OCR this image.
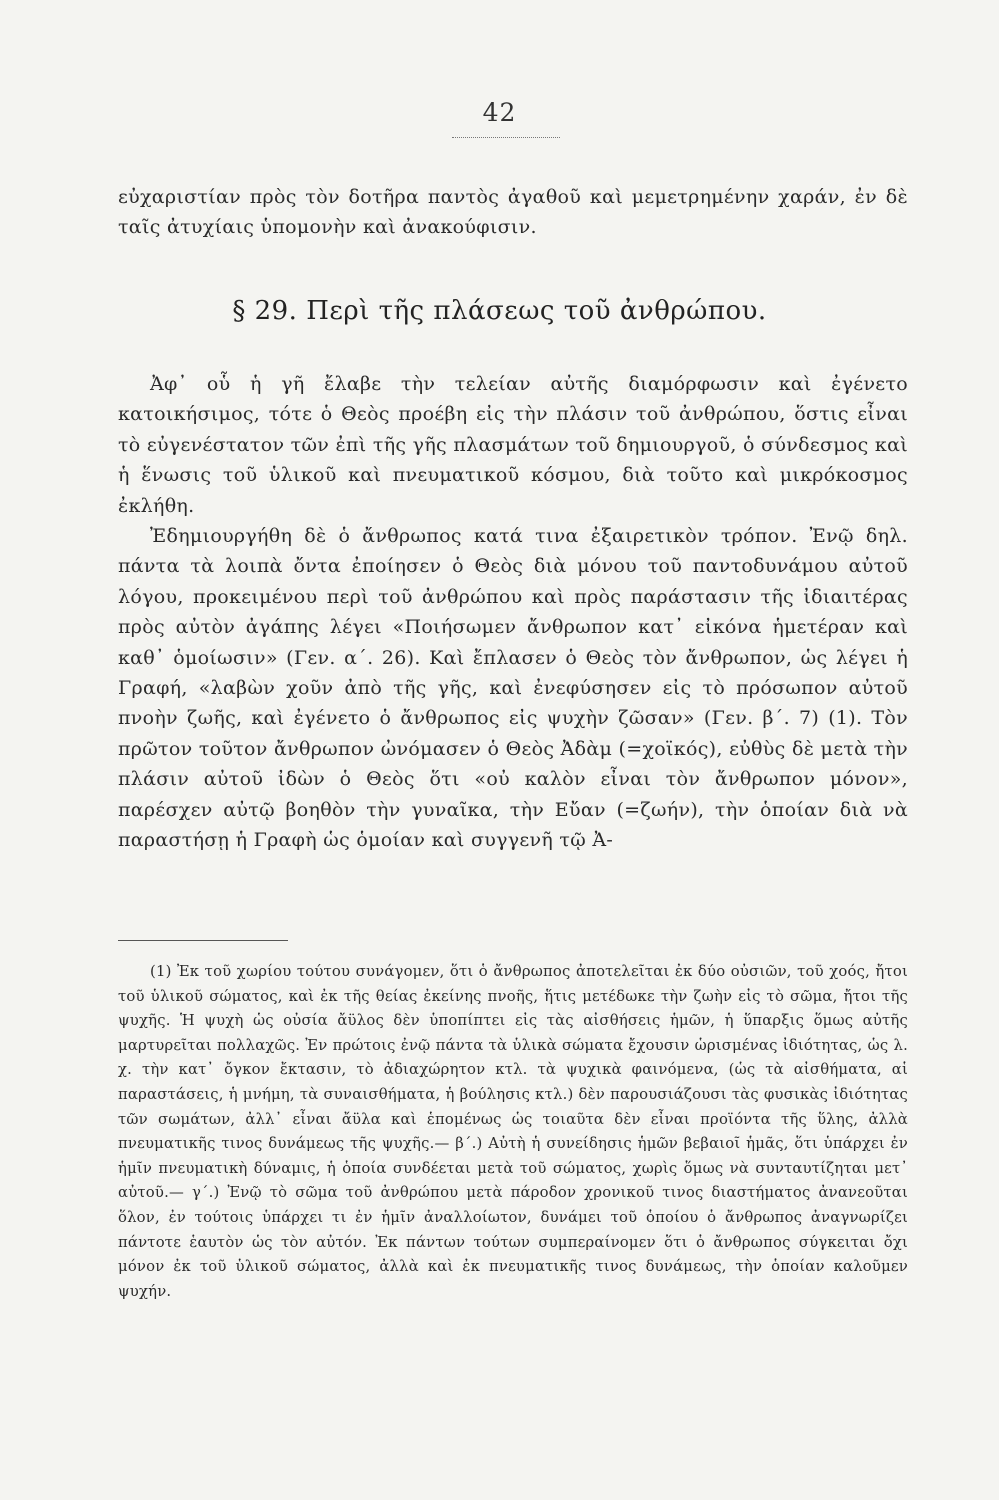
42

εὐχαριστίαν πρὸς τὸν δοτῆρα παντὸς ἀγαθοῦ καὶ μεμετρημένην χαράν, ἐν δὲ ταῖς ἀτυχίαις ὑπομονὴν καὶ ἀνακούφισιν.

§ 29. Περὶ τῆς πλάσεως τοῦ ἀνθρώπου.

Ἀφ᾽ οὗ ἡ γῆ ἔλαβε τὴν τελείαν αὐτῆς διαμόρφωσιν καὶ ἐγένετο κατοικήσιμος, τότε ὁ Θεὸς προέβη εἰς τὴν πλάσιν τοῦ ἀνθρώπου, ὅστις εἶναι τὸ εὐγενέστατον τῶν ἐπὶ τῆς γῆς πλασμάτων τοῦ δημιουργοῦ, ὁ σύνδεσμος καὶ ἡ ἕνωσις τοῦ ὑλικοῦ καὶ πνευματικοῦ κόσμου, διὰ τοῦτο καὶ μικρόκοσμος ἐκλήθη.

Ἐδημιουργήθη δὲ ὁ ἄνθρωπος κατά τινα ἐξαιρετικὸν τρόπον. Ἐνῷ δηλ. πάντα τὰ λοιπὰ ὄντα ἐποίησεν ὁ Θεὸς διὰ μόνου τοῦ παντοδυνάμου αὐτοῦ λόγου, προκειμένου περὶ τοῦ ἀνθρώπου καὶ πρὸς παράστασιν τῆς ἰδιαιτέρας πρὸς αὐτὸν ἀγάπης λέγει «Ποιήσωμεν ἄνθρωπον κατ᾽ εἰκόνα ἡμετέραν καὶ καθ᾽ ὁμοίωσιν» (Γεν. α´. 26). Καὶ ἔπλασεν ὁ Θεὸς τὸν ἄνθρωπον, ὡς λέγει ἡ Γραφή, «λαβὼν χοῦν ἀπὸ τῆς γῆς, καὶ ἐνεφύσησεν εἰς τὸ πρόσωπον αὐτοῦ πνοὴν ζωῆς, καὶ ἐγένετο ὁ ἄνθρωπος εἰς ψυχὴν ζῶσαν» (Γεν. β´. 7) (1). Τὸν πρῶτον τοῦτον ἄνθρωπον ὠνόμασεν ὁ Θεὸς Ἀδὰμ (=χοϊκός), εὐθὺς δὲ μετὰ τὴν πλάσιν αὐτοῦ ἰδὼν ὁ Θεὸς ὅτι «οὐ καλὸν εἶναι τὸν ἄνθρωπον μόνον», παρέσχεν αὐτῷ βοηθὸν τὴν γυναῖκα, τὴν Εὔαν (=ζωήν), τὴν ὁποίαν διὰ νὰ παραστήσῃ ἡ Γραφὴ ὡς ὁμοίαν καὶ συγγενῆ τῷ Ἀ-

(1) Ἐκ τοῦ χωρίου τούτου συνάγομεν, ὅτι ὁ ἄνθρωπος ἀποτελεῖται ἐκ δύο οὐσιῶν, τοῦ χοός, ἤτοι τοῦ ὑλικοῦ σώματος, καὶ ἐκ τῆς θείας ἐκείνης πνοῆς, ἥτις μετέδωκε τὴν ζωὴν εἰς τὸ σῶμα, ἤτοι τῆς ψυχῆς. Ἡ ψυχὴ ὡς οὐσία ἄϋλος δὲν ὑποπίπτει εἰς τὰς αἰσθήσεις ἡμῶν, ἡ ὕπαρξις ὅμως αὐτῆς μαρτυρεῖται πολλαχῶς. Ἐν πρώτοις ἐνῷ πάντα τὰ ὑλικὰ σώματα ἔχουσιν ὡρισμένας ἰδιότητας, ὡς λ. χ. τὴν κατ᾽ ὄγκον ἔκτασιν, τὸ ἀδιαχώρητον κτλ. τὰ ψυχικὰ φαινόμενα, (ὡς τὰ αἰσθήματα, αἱ παραστάσεις, ἡ μνήμη, τὰ συναισθήματα, ἡ βούλησις κτλ.) δὲν παρουσιάζουσι τὰς φυσικὰς ἰδιότητας τῶν σωμάτων, ἀλλ᾽ εἶναι ἄϋλα καὶ ἑπομένως ὡς τοιαῦτα δὲν εἶναι προϊόντα τῆς ὕλης, ἀλλὰ πνευματικῆς τινος δυνάμεως τῆς ψυχῆς.— β´.) Αὐτὴ ἡ συνείδησις ἡμῶν βεβαιοῖ ἡμᾶς, ὅτι ὑπάρχει ἐν ἡμῖν πνευματικὴ δύναμις, ἡ ὁποία συνδέεται μετὰ τοῦ σώματος, χωρὶς ὅμως νὰ συνταυτίζηται μετ᾽ αὐτοῦ.— γ´.) Ἐνῷ τὸ σῶμα τοῦ ἀνθρώπου μετὰ πάροδον χρονικοῦ τινος διαστήματος ἀνανεοῦται ὅλον, ἐν τούτοις ὑπάρχει τι ἐν ἡμῖν ἀναλλοίωτον, δυνάμει τοῦ ὁποίου ὁ ἄνθρωπος ἀναγνωρίζει πάντοτε ἑαυτὸν ὡς τὸν αὐτόν. Ἐκ πάντων τούτων συμπεραίνομεν ὅτι ὁ ἄνθρωπος σύγκειται ὄχι μόνον ἐκ τοῦ ὑλικοῦ σώματος, ἀλλὰ καὶ ἐκ πνευματικῆς τινος δυνάμεως, τὴν ὁποίαν καλοῦμεν ψυχήν.
